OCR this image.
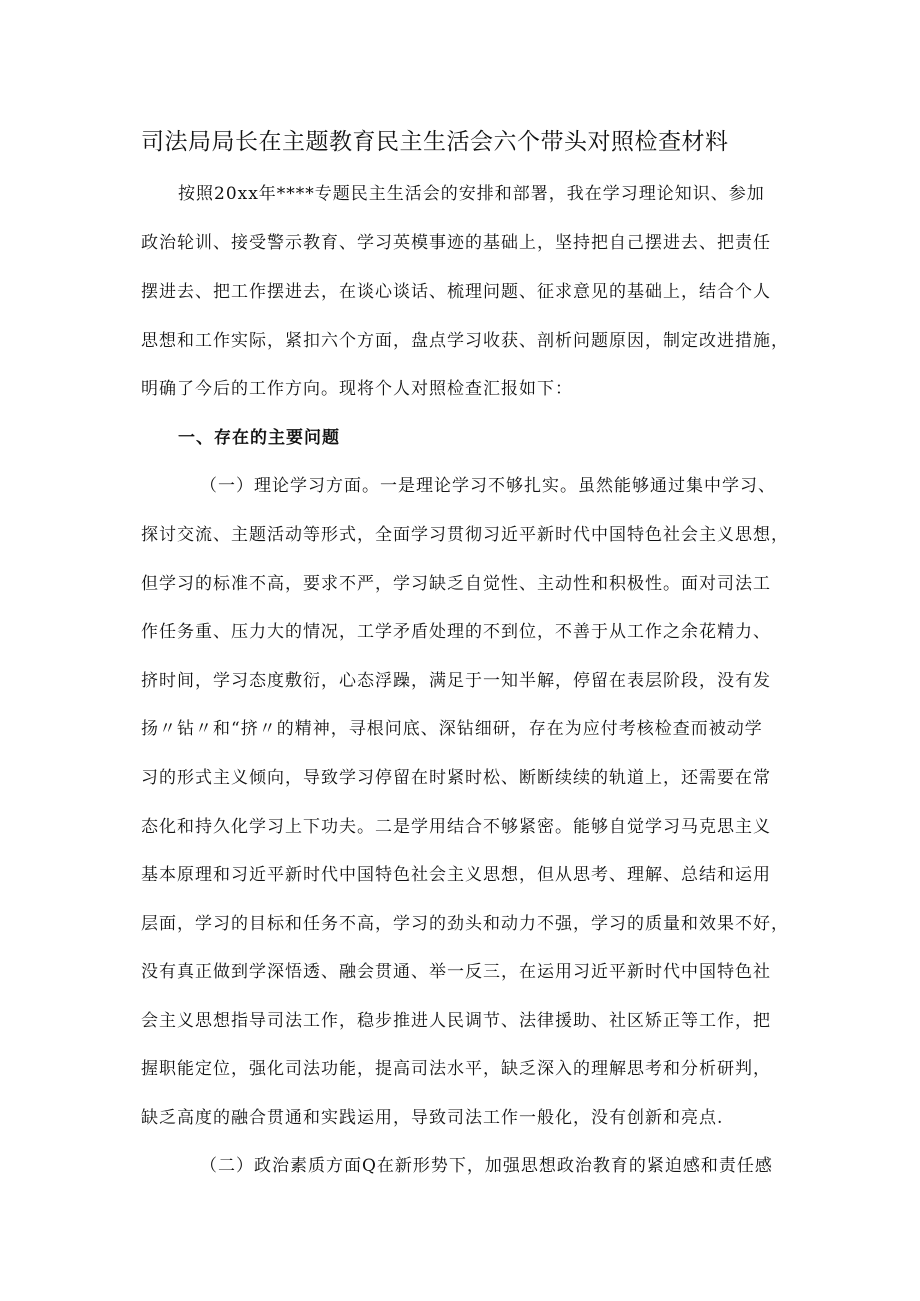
司法局局长在主题教育民主生活会六个带头对照检查材料

按照20xx年****专题民主生活会的安排和部署，我在学习理论知识、参加

政治轮训、接受警示教育、学习英模事迹的基础上，坚持把自己摆进去、把责任

摆进去、把工作摆进去，在谈心谈话、梳理问题、征求意见的基础上，结合个人

思想和工作实际，紧扣六个方面，盘点学习收获、剖析问题原因，制定改进措施，

明确了今后的工作方向。现将个人对照检查汇报如下：

一、存在的主要问题

（一）理论学习方面。一是理论学习不够扎实。虽然能够通过集中学习、

探讨交流、主题活动等形式，全面学习贯彻习近平新时代中国特色社会主义思想，

但学习的标准不高，要求不严，学习缺乏自觉性、主动性和积极性。面对司法工

作任务重、压力大的情况，工学矛盾处理的不到位，不善于从工作之余花精力、

挤时间，学习态度敷衍，心态浮躁，满足于一知半解，停留在表层阶段，没有发

扬〃钻〃和“挤〃的精神，寻根问底、深钻细研，存在为应付考核检查而被动学

习的形式主义倾向，导致学习停留在时紧时松、断断续续的轨道上，还需要在常

态化和持久化学习上下功夫。二是学用结合不够紧密。能够自觉学习马克思主义

基本原理和习近平新时代中国特色社会主义思想，但从思考、理解、总结和运用

层面，学习的目标和任务不高，学习的劲头和动力不强，学习的质量和效果不好，

没有真正做到学深悟透、融会贯通、举一反三，在运用习近平新时代中国特色社

会主义思想指导司法工作，稳步推进人民调节、法律援助、社区矫正等工作，把

握职能定位，强化司法功能，提高司法水平，缺乏深入的理解思考和分析研判，

缺乏高度的融合贯通和实践运用，导致司法工作一般化，没有创新和亮点.

（二）政治素质方面Q在新形势下，加强思想政治教育的紧迫感和责任感
